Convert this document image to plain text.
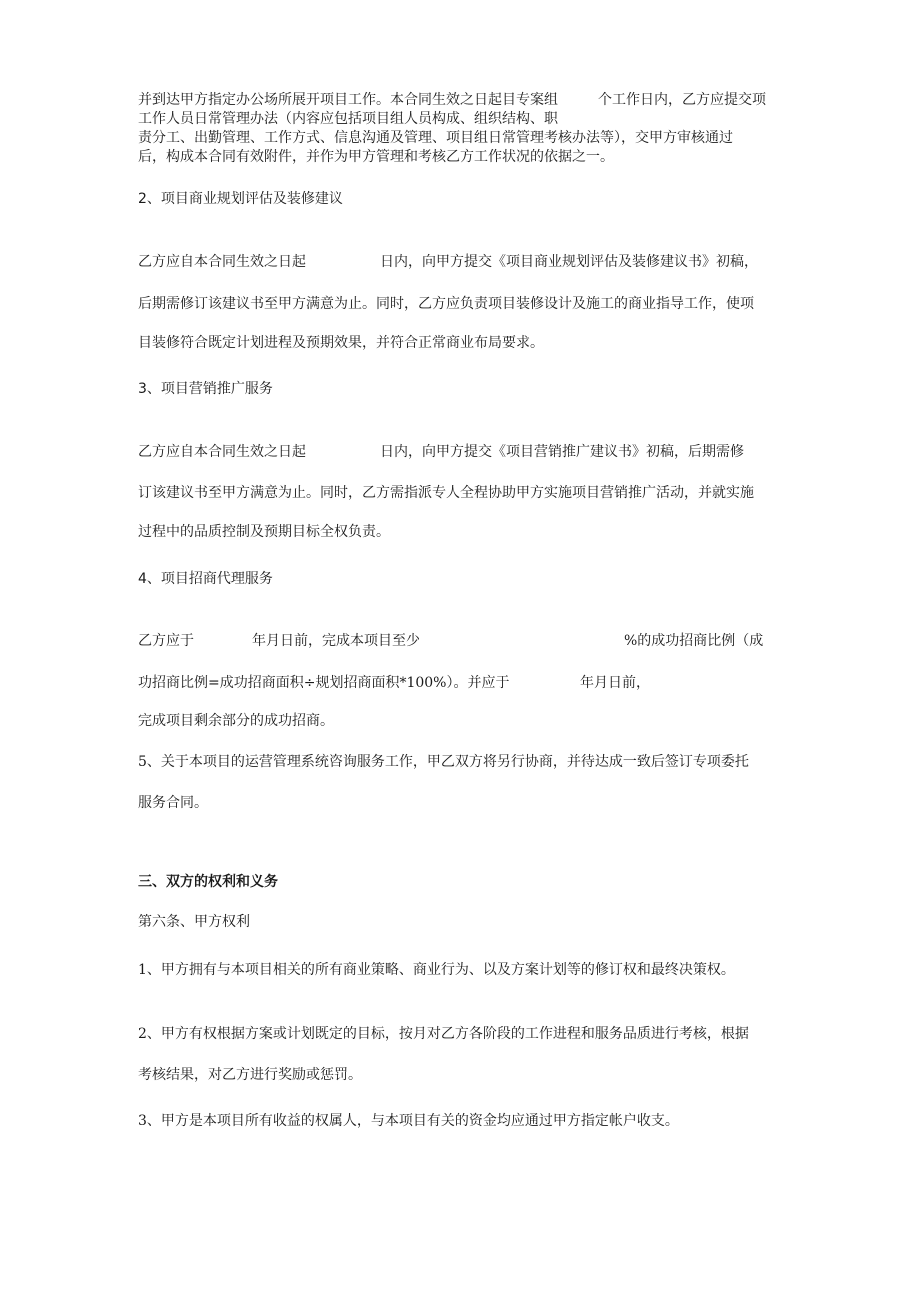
并到达甲方指定办公场所展开项目工作。本合同生效之日起目专案组

	个工作日内，乙方应提交项

工作人员日常管理办法（内容应包括项目组人员构成、组织结构、职
责分工、出勤管理、工作方式、信息沟通及管理、项目组日常管理考核办法等），交甲方审核通过
后，构成本合同有效附件，并作为甲方管理和考核乙方工作状况的依据之一。
2、项目商业规划评估及装修建议

乙方应自本合同生效之日起

	日内，向甲方提交《项目商业规划评估及装修建议书》初稿，

后期需修订该建议书至甲方满意为止。同时，乙方应负责项目装修设计及施工的商业指导工作，使项
目装修符合既定计划进程及预期效果，并符合正常商业布局要求。
3、项目营销推广服务

乙方应自本合同生效之日起

	日内，向甲方提交《项目营销推广建议书》初稿，后期需修

订该建议书至甲方满意为止。同时，乙方需指派专人全程协助甲方实施项目营销推广活动，并就实施
过程中的品质控制及预期目标全权负责。
4、项目招商代理服务

乙方应于

	年月日前，完成本项目至少

	%的成功招商比例（成

功招商比例=成功招商面积÷规划招商面积*100%）。并应于

	年月日前，

完成项目剩余部分的成功招商。
5、关于本项目的运营管理系统咨询服务工作，甲乙双方将另行协商，并待达成一致后签订专项委托
服务合同。
三、双方的权利和义务
第六条、甲方权利
1、甲方拥有与本项目相关的所有商业策略、商业行为、以及方案计划等的修订权和最终决策权。
2、甲方有权根据方案或计划既定的目标，按月对乙方各阶段的工作进程和服务品质进行考核，根据
考核结果，对乙方进行奖励或惩罚。
3、甲方是本项目所有收益的权属人，与本项目有关的资金均应通过甲方指定帐户收支。
